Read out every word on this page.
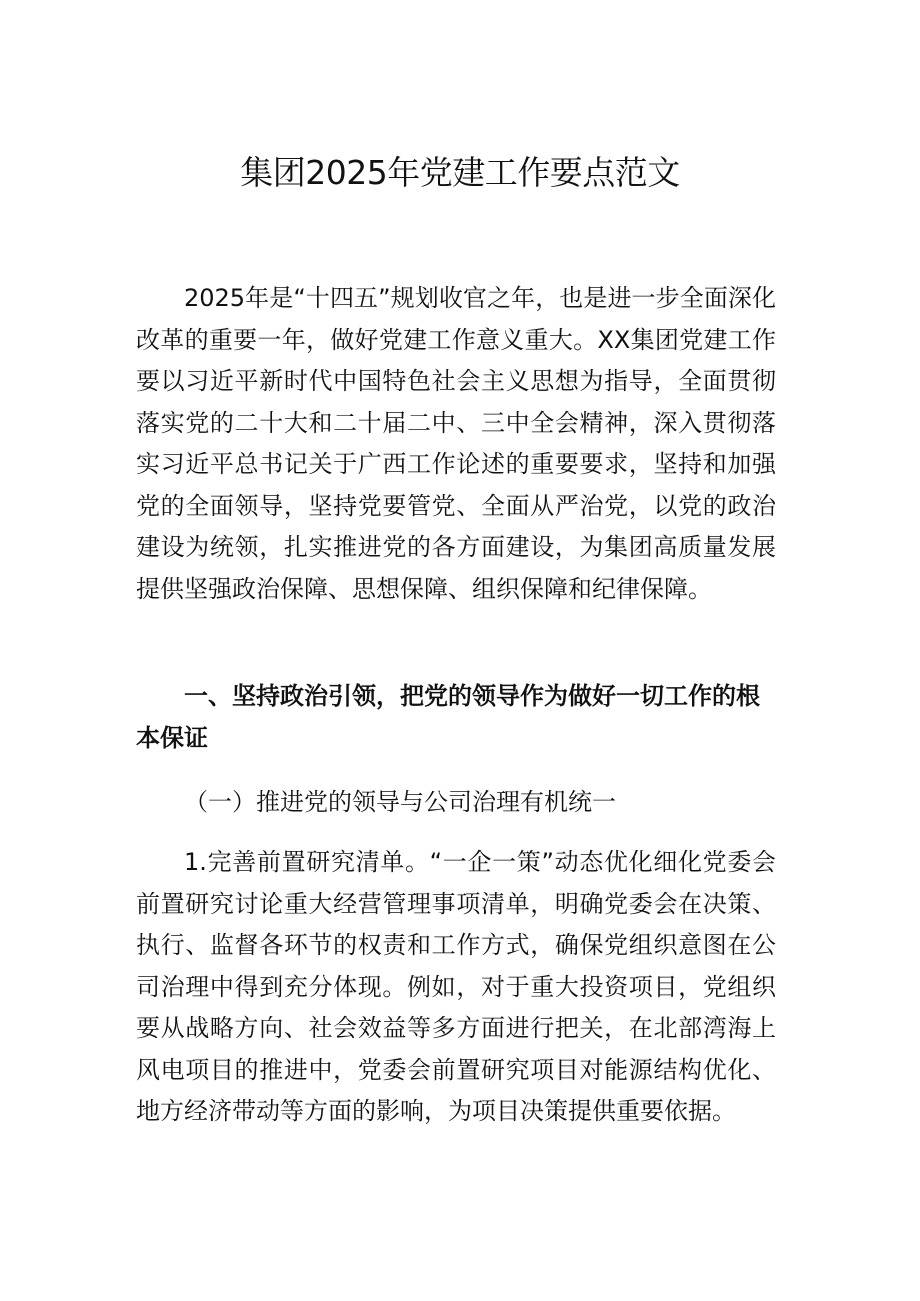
集团2025年党建工作要点范文

2025年是“十四五”规划收官之年，也是进一步全面深化改革的重要一年，做好党建工作意义重大。XX集团党建工作要以习近平新时代中国特色社会主义思想为指导，全面贯彻落实党的二十大和二十届二中、三中全会精神，深入贯彻落实习近平总书记关于广西工作论述的重要要求，坚持和加强党的全面领导，坚持党要管党、全面从严治党，以党的政治建设为统领，扎实推进党的各方面建设，为集团高质量发展提供坚强政治保障、思想保障、组织保障和纪律保障。

一、坚持政治引领，把党的领导作为做好一切工作的根本保证

（一）推进党的领导与公司治理有机统一

1.完善前置研究清单。“一企一策”动态优化细化党委会前置研究讨论重大经营管理事项清单，明确党委会在决策、执行、监督各环节的权责和工作方式，确保党组织意图在公司治理中得到充分体现。例如，对于重大投资项目，党组织要从战略方向、社会效益等多方面进行把关，在北部湾海上风电项目的推进中，党委会前置研究项目对能源结构优化、地方经济带动等方面的影响，为项目决策提供重要依据。
